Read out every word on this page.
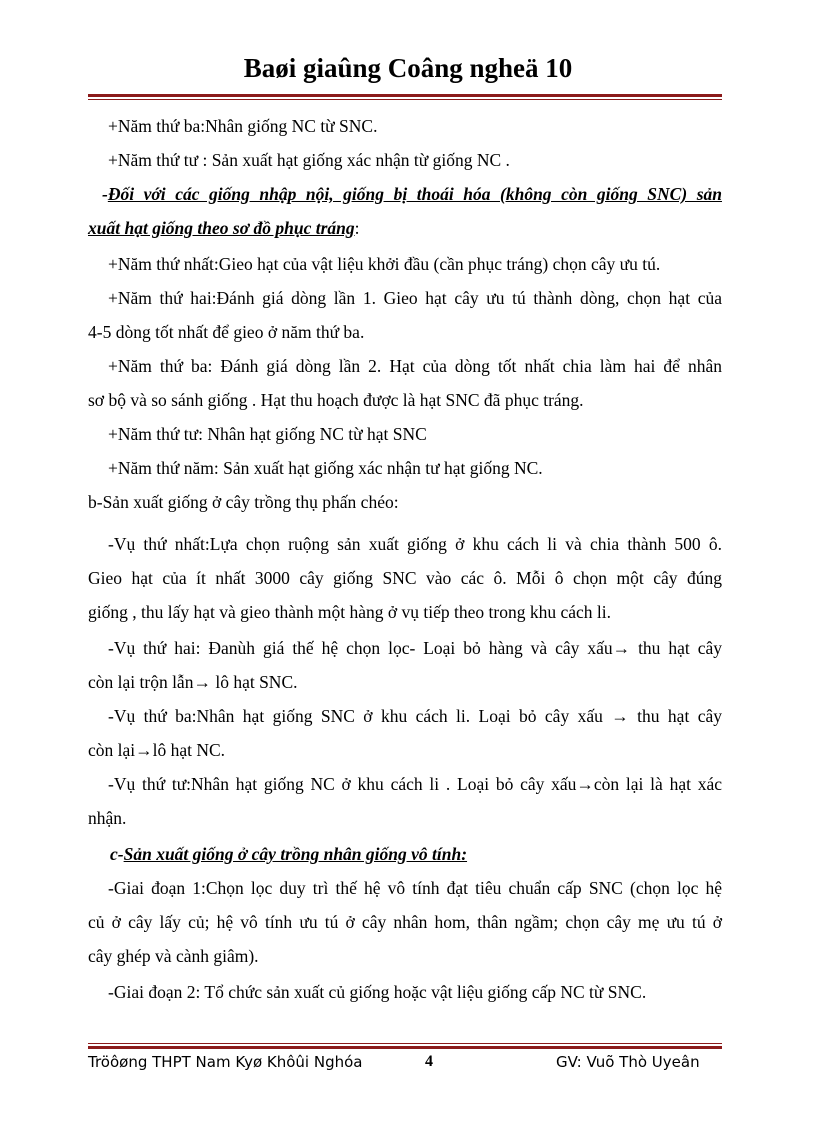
Baøi giaûng Coâng ngheä 10
+Năm thứ ba:Nhân giống NC từ SNC.
+Năm thứ tư : Sản xuất hạt giống xác nhận từ giống NC .
-Đối với các giống nhập nội, giống bị thoái hóa (không còn giống SNC) sản
xuất hạt giống theo sơ đồ phục tráng:
+Năm thứ nhất:Gieo hạt của vật liệu khởi đầu (cần phục tráng) chọn cây ưu tú.
+Năm thứ hai:Đánh giá dòng lần 1. Gieo hạt cây ưu tú thành dòng, chọn hạt của
4-5 dòng tốt nhất để gieo ở năm thứ ba.
+Năm thứ ba: Đánh giá dòng lần 2. Hạt của dòng tốt nhất chia làm hai để nhân
sơ bộ và so sánh giống . Hạt thu hoạch được là hạt SNC đã phục tráng.
+Năm thứ tư: Nhân hạt giống NC từ hạt SNC
+Năm thứ năm: Sản xuất hạt giống xác nhận tư hạt giống NC.
b-Sản xuất giống ở cây trồng thụ phấn chéo:
-Vụ thứ nhất:Lựa chọn ruộng sản xuất giống ở khu cách li và chia thành 500 ô.
Gieo hạt của ít nhất 3000 cây giống SNC vào các ô. Mỗi ô chọn một cây đúng
giống , thu lấy hạt và gieo thành một hàng ở vụ tiếp theo trong khu cách li.
-Vụ thứ hai: Đanùh giá thế hệ chọn lọc- Loại bỏ hàng và cây xấu→ thu hạt cây
còn lại trộn lẫn→ lô hạt SNC.
-Vụ thứ ba:Nhân hạt giống SNC ở khu cách li. Loại bỏ cây xấu → thu hạt cây
còn lại→lô hạt NC.
-Vụ thứ tư:Nhân hạt giống NC ở khu cách li . Loại bỏ cây xấu→còn lại là hạt xác
nhận.
c-Sản xuất giống ở cây trồng nhân giống vô tính:
-Giai đoạn 1:Chọn lọc duy trì thế hệ vô tính đạt tiêu chuẩn cấp SNC (chọn lọc hệ
củ ở cây lấy củ; hệ vô tính ưu tú ở cây nhân hom, thân ngầm; chọn cây mẹ ưu tú ở
cây ghép và cành giâm).
-Giai đoạn 2: Tổ chức sản xuất củ giống hoặc vật liệu giống cấp NC từ SNC.
Tröôøng THPT Nam Kyø Khôûi Nghóa	4	GV: Vuõ Thò Uyeân
